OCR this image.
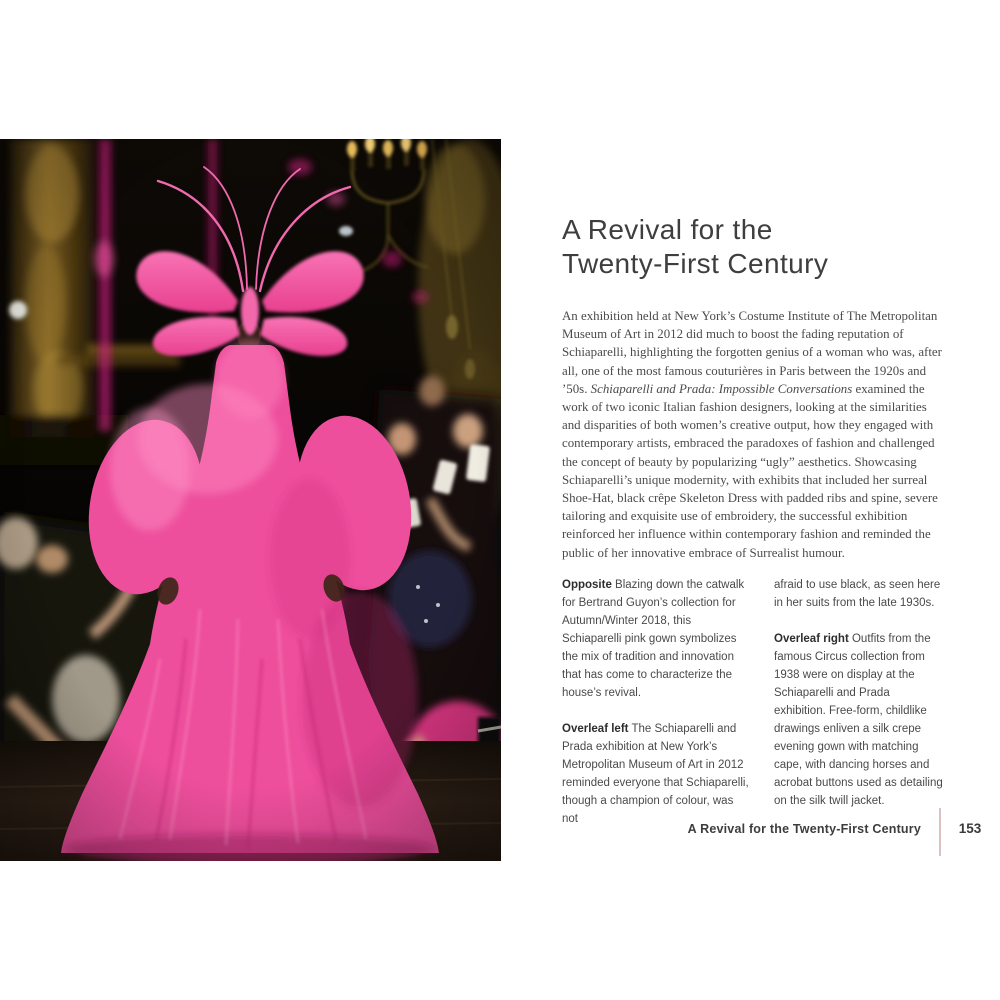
A Revival for the
Twenty-First Century

An exhibition held at New York’s Costume Institute of The Metropolitan Museum of Art in 2012 did much to boost the fading reputation of Schiaparelli, highlighting the forgotten genius of a woman who was, after all, one of the most famous couturières in Paris between the 1920s and ’50s. Schiaparelli and Prada: Impossible Conversations examined the work of two iconic Italian fashion designers, looking at the similarities and disparities of both women’s creative output, how they engaged with contemporary artists, embraced the paradoxes of fashion and challenged the concept of beauty by popularizing “ugly” aesthetics. Showcasing Schiaparelli’s unique modernity, with exhibits that included her surreal Shoe-Hat, black crêpe Skeleton Dress with padded ribs and spine, severe tailoring and exquisite use of embroidery, the successful exhibition reinforced her influence within contemporary fashion and reminded the public of her innovative embrace of Surrealist humour.

Opposite Blazing down the catwalk for Bertrand Guyon’s collection for Autumn/Winter 2018, this Schiaparelli pink gown symbolizes the mix of tradition and innovation that has come to characterize the house’s revival.

Overleaf left The Schiaparelli and Prada exhibition at New York’s Metropolitan Museum of Art in 2012 reminded everyone that Schiaparelli, though a champion of colour, was not

afraid to use black, as seen here in her suits from the late 1930s.

Overleaf right Outfits from the famous Circus collection from 1938 were on display at the Schiaparelli and Prada exhibition. Free-form, childlike drawings enliven a silk crepe evening gown with matching cape, with dancing horses and acrobat buttons used as detailing on the silk twill jacket.

A Revival for the Twenty-First Century	153
